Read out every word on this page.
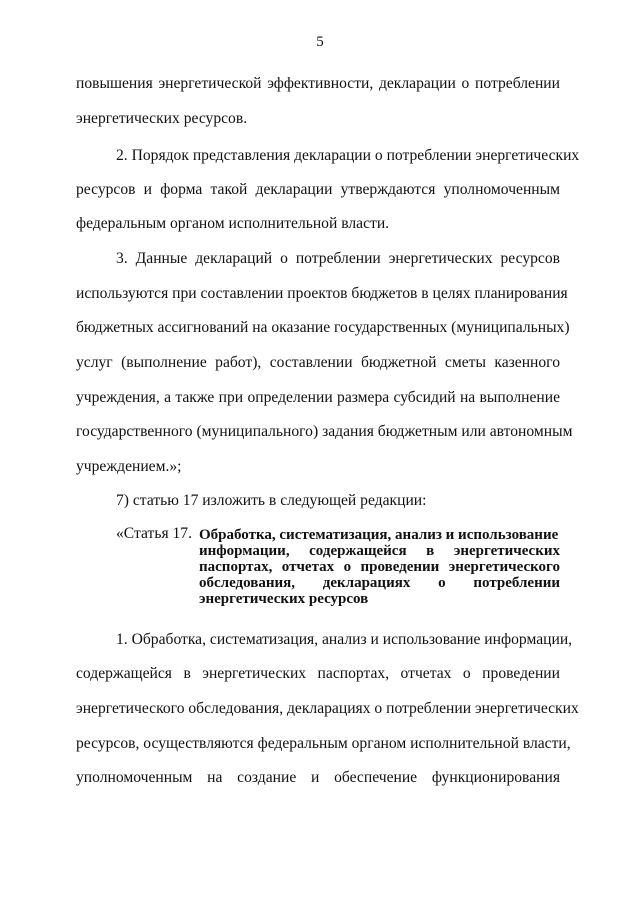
5
повышения энергетической эффективности, декларации о потреблении
энергетических ресурсов.
2. Порядок представления декларации о потреблении энергетических
ресурсов и форма такой декларации утверждаются уполномоченным
федеральным органом исполнительной власти.
3. Данные деклараций о потреблении энергетических ресурсов
используются при составлении проектов бюджетов в целях планирования
бюджетных ассигнований на оказание государственных (муниципальных)
услуг (выполнение работ), составлении бюджетной сметы казенного
учреждения, а также при определении размера субсидий на выполнение
государственного (муниципального) задания бюджетным или автономным
учреждением.»;
7) статью 17 изложить в следующей редакции:
«Статья 17. Обработка, систематизация, анализ и использование
информации, содержащейся в энергетических
паспортах, отчетах о проведении энергетического
обследования, декларациях о потреблении
энергетических ресурсов
1. Обработка, систематизация, анализ и использование информации,
содержащейся в энергетических паспортах, отчетах о проведении
энергетического обследования, декларациях о потреблении энергетических
ресурсов, осуществляются федеральным органом исполнительной власти,
уполномоченным на создание и обеспечение функционирования
